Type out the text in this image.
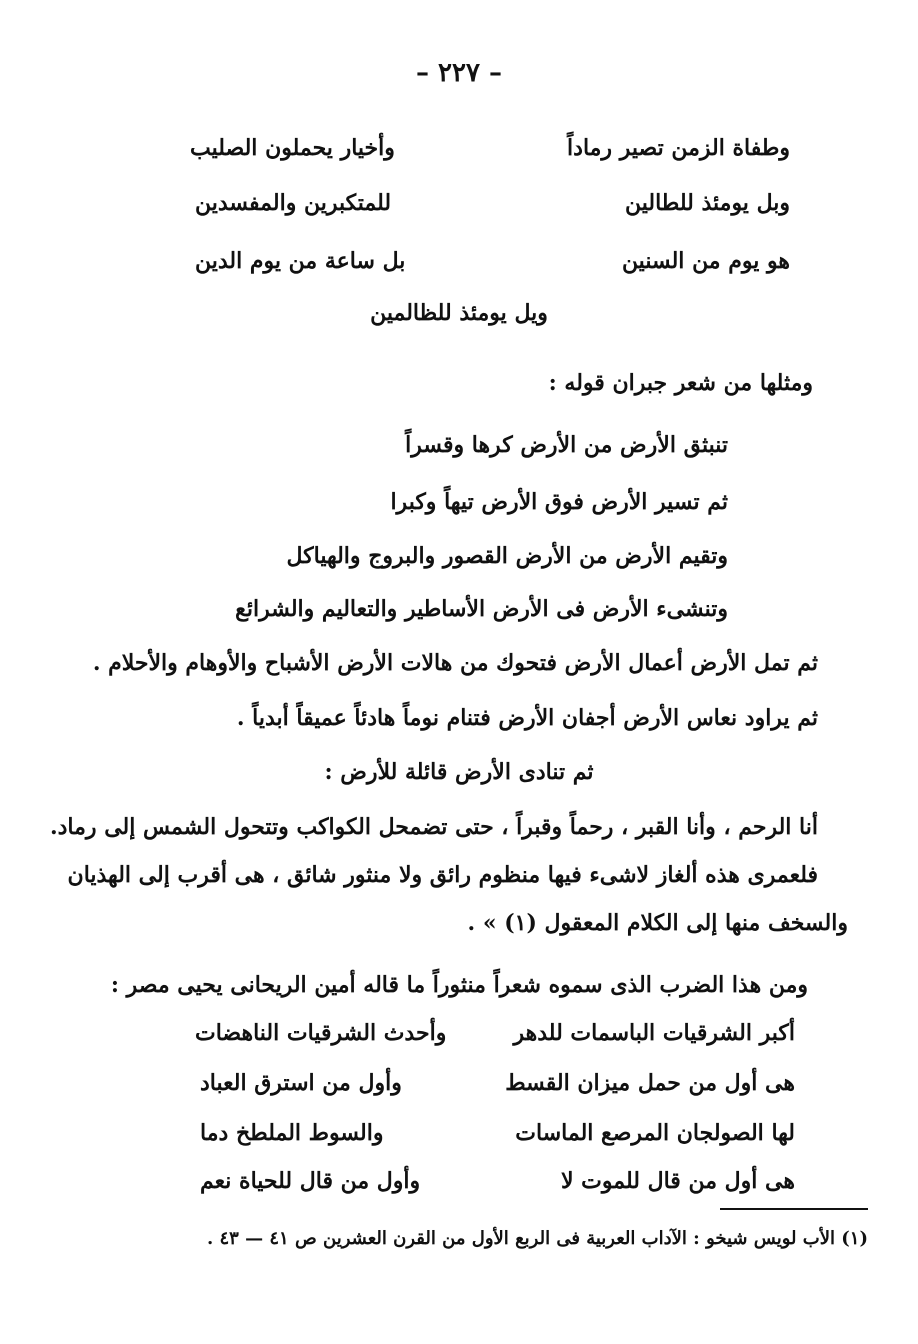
– ٢٢٧ –
وطفاة الزمن تصير رماداً
وأخيار يحملون الصليب
وبل يومئذ للطالين
للمتكبرين والمفسدين
هو يوم من السنين
بل ساعة من يوم الدين
ويل يومئذ للظالمين
ومثلها من شعر جبران قوله :
تنبثق الأرض من الأرض كرها وقسراً
ثم تسير الأرض فوق الأرض تيهاً وكبرا
وتقيم الأرض من الأرض القصور والبروج والهياكل
وتنشىء الأرض فى الأرض الأساطير والتعاليم والشرائع
ثم تمل الأرض أعمال الأرض فتحوك من هالات الأرض الأشباح والأوهام والأحلام .
ثم يراود نعاس الأرض أجفان الأرض فتنام نوماً هادئاً عميقاً أبدياً .
ثم تنادى الأرض قائلة للأرض :
أنا الرحم ، وأنا القبر ، رحماً وقبراً ، حتى تضمحل الكواكب وتتحول الشمس إلى رماد.
فلعمرى هذه ألغاز لاشىء فيها منظوم رائق ولا منثور شائق ، هى أقرب إلى الهذيان
والسخف منها إلى الكلام المعقول (١) » .
ومن هذا الضرب الذى سموه شعراً منثوراً ما قاله أمين الريحانى يحيى مصر :
أكبر الشرقيات الباسمات للدهر
وأحدث الشرقيات الناهضات
هى أول من حمل ميزان القسط
وأول من استرق العباد
لها الصولجان المرصع الماسات
والسوط الملطخ دما
هى أول من قال للموت لا
وأول من قال للحياة نعم
(١) الأب لويس شيخو : الآداب العربية فى الربع الأول من القرن العشرين ص ٤١ — ٤٣ .
